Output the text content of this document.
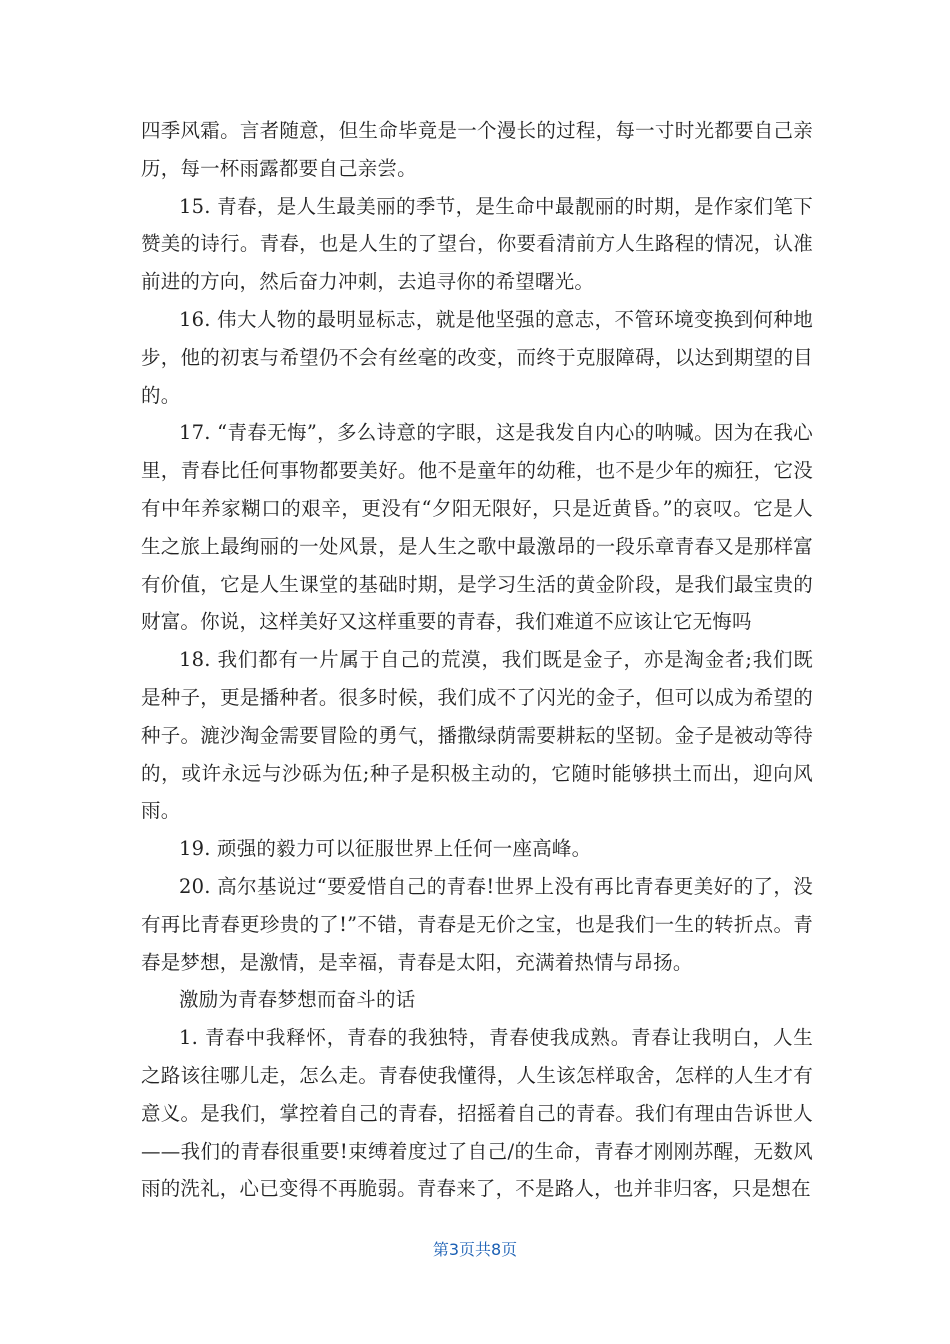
四季风霜。言者随意，但生命毕竟是一个漫长的过程，每一寸时光都要自己亲历，每一杯雨露都要自己亲尝。

15. 青春，是人生最美丽的季节，是生命中最靓丽的时期，是作家们笔下赞美的诗行。青春，也是人生的了望台，你要看清前方人生路程的情况，认准前进的方向，然后奋力冲刺，去追寻你的希望曙光。

16. 伟大人物的最明显标志，就是他坚强的意志，不管环境变换到何种地步，他的初衷与希望仍不会有丝毫的改变，而终于克服障碍，以达到期望的目的。

17. “青春无悔”，多么诗意的字眼，这是我发自内心的呐喊。因为在我心里，青春比任何事物都要美好。他不是童年的幼稚，也不是少年的痴狂，它没有中年养家糊口的艰辛，更没有“夕阳无限好，只是近黄昏。”的哀叹。它是人生之旅上最绚丽的一处风景，是人生之歌中最激昂的一段乐章青春又是那样富有价值，它是人生课堂的基础时期，是学习生活的黄金阶段，是我们最宝贵的财富。你说，这样美好又这样重要的青春，我们难道不应该让它无悔吗

18. 我们都有一片属于自己的荒漠，我们既是金子，亦是淘金者;我们既是种子，更是播种者。很多时候，我们成不了闪光的金子，但可以成为希望的种子。漉沙淘金需要冒险的勇气，播撒绿荫需要耕耘的坚韧。金子是被动等待的，或许永远与沙砾为伍;种子是积极主动的，它随时能够拱土而出，迎向风雨。

19. 顽强的毅力可以征服世界上任何一座高峰。

20. 高尔基说过“要爱惜自己的青春!世界上没有再比青春更美好的了，没有再比青春更珍贵的了!”不错，青春是无价之宝，也是我们一生的转折点。青春是梦想，是激情，是幸福，青春是太阳，充满着热情与昂扬。

激励为青春梦想而奋斗的话

1. 青春中我释怀，青春的我独特，青春使我成熟。青春让我明白，人生之路该往哪儿走，怎么走。青春使我懂得，人生该怎样取舍，怎样的人生才有意义。是我们，掌控着自己的青春，招摇着自己的青春。我们有理由告诉世人——我们的青春很重要!束缚着度过了自己/的生命，青春才刚刚苏醒，无数风雨的洗礼，心已变得不再脆弱。青春来了，不是路人，也并非归客，只是想在

第3页共8页
